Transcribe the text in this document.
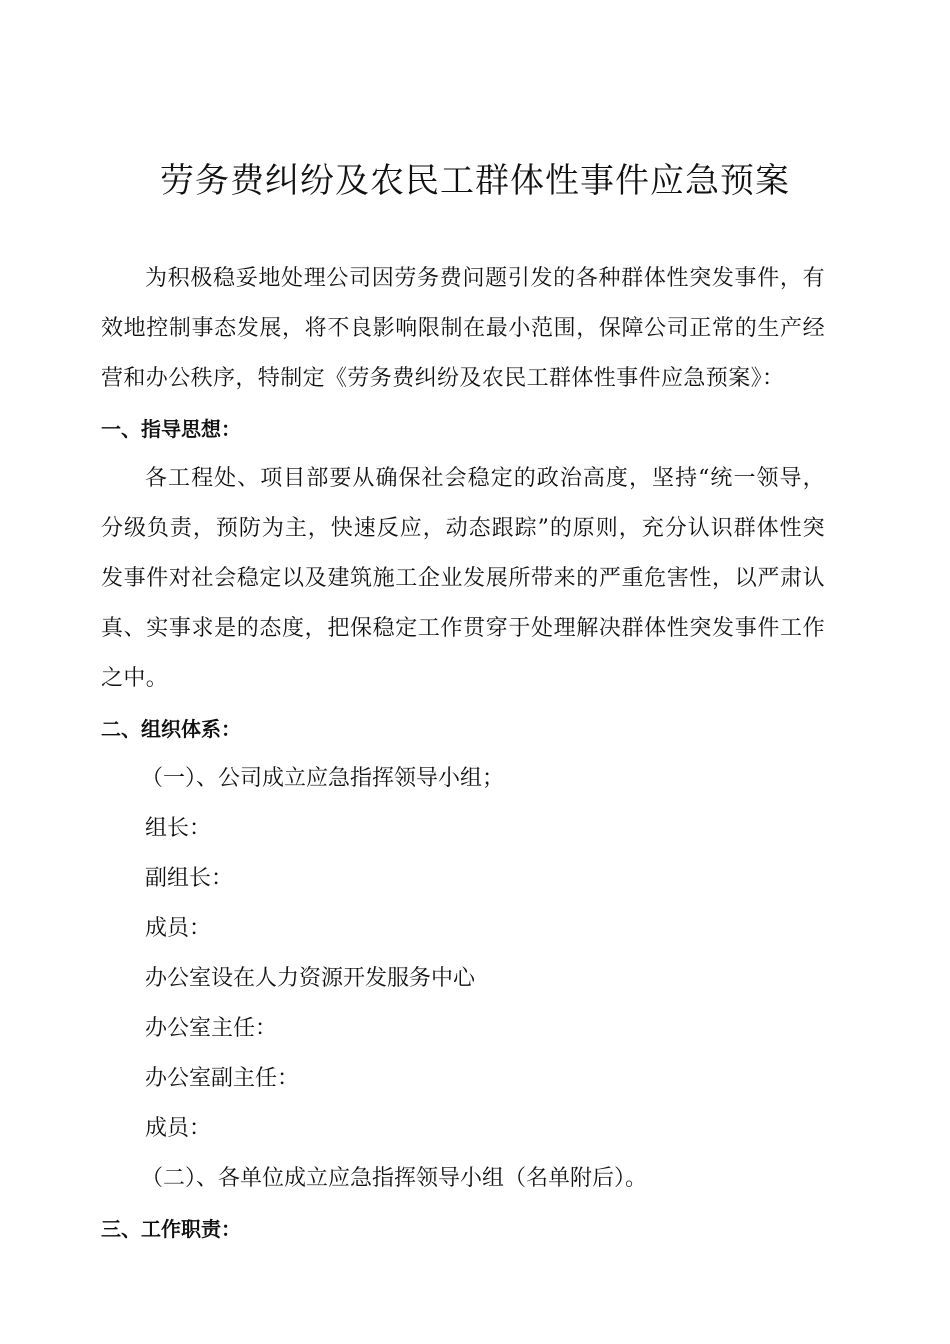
劳务费纠纷及农民工群体性事件应急预案

为积极稳妥地处理公司因劳务费问题引发的各种群体性突发事件，有效地控制事态发展，将不良影响限制在最小范围，保障公司正常的生产经营和办公秩序，特制定《劳务费纠纷及农民工群体性事件应急预案》：

一、指导思想：

各工程处、项目部要从确保社会稳定的政治高度，坚持“统一领导，分级负责，预防为主，快速反应，动态跟踪”的原则，充分认识群体性突发事件对社会稳定以及建筑施工企业发展所带来的严重危害性，以严肃认真、实事求是的态度，把保稳定工作贯穿于处理解决群体性突发事件工作之中。

二、组织体系：

（一）、公司成立应急指挥领导小组；

组长：

副组长：

成员：

办公室设在人力资源开发服务中心

办公室主任：

办公室副主任：

成员：

（二）、各单位成立应急指挥领导小组（名单附后）。

三、工作职责：
